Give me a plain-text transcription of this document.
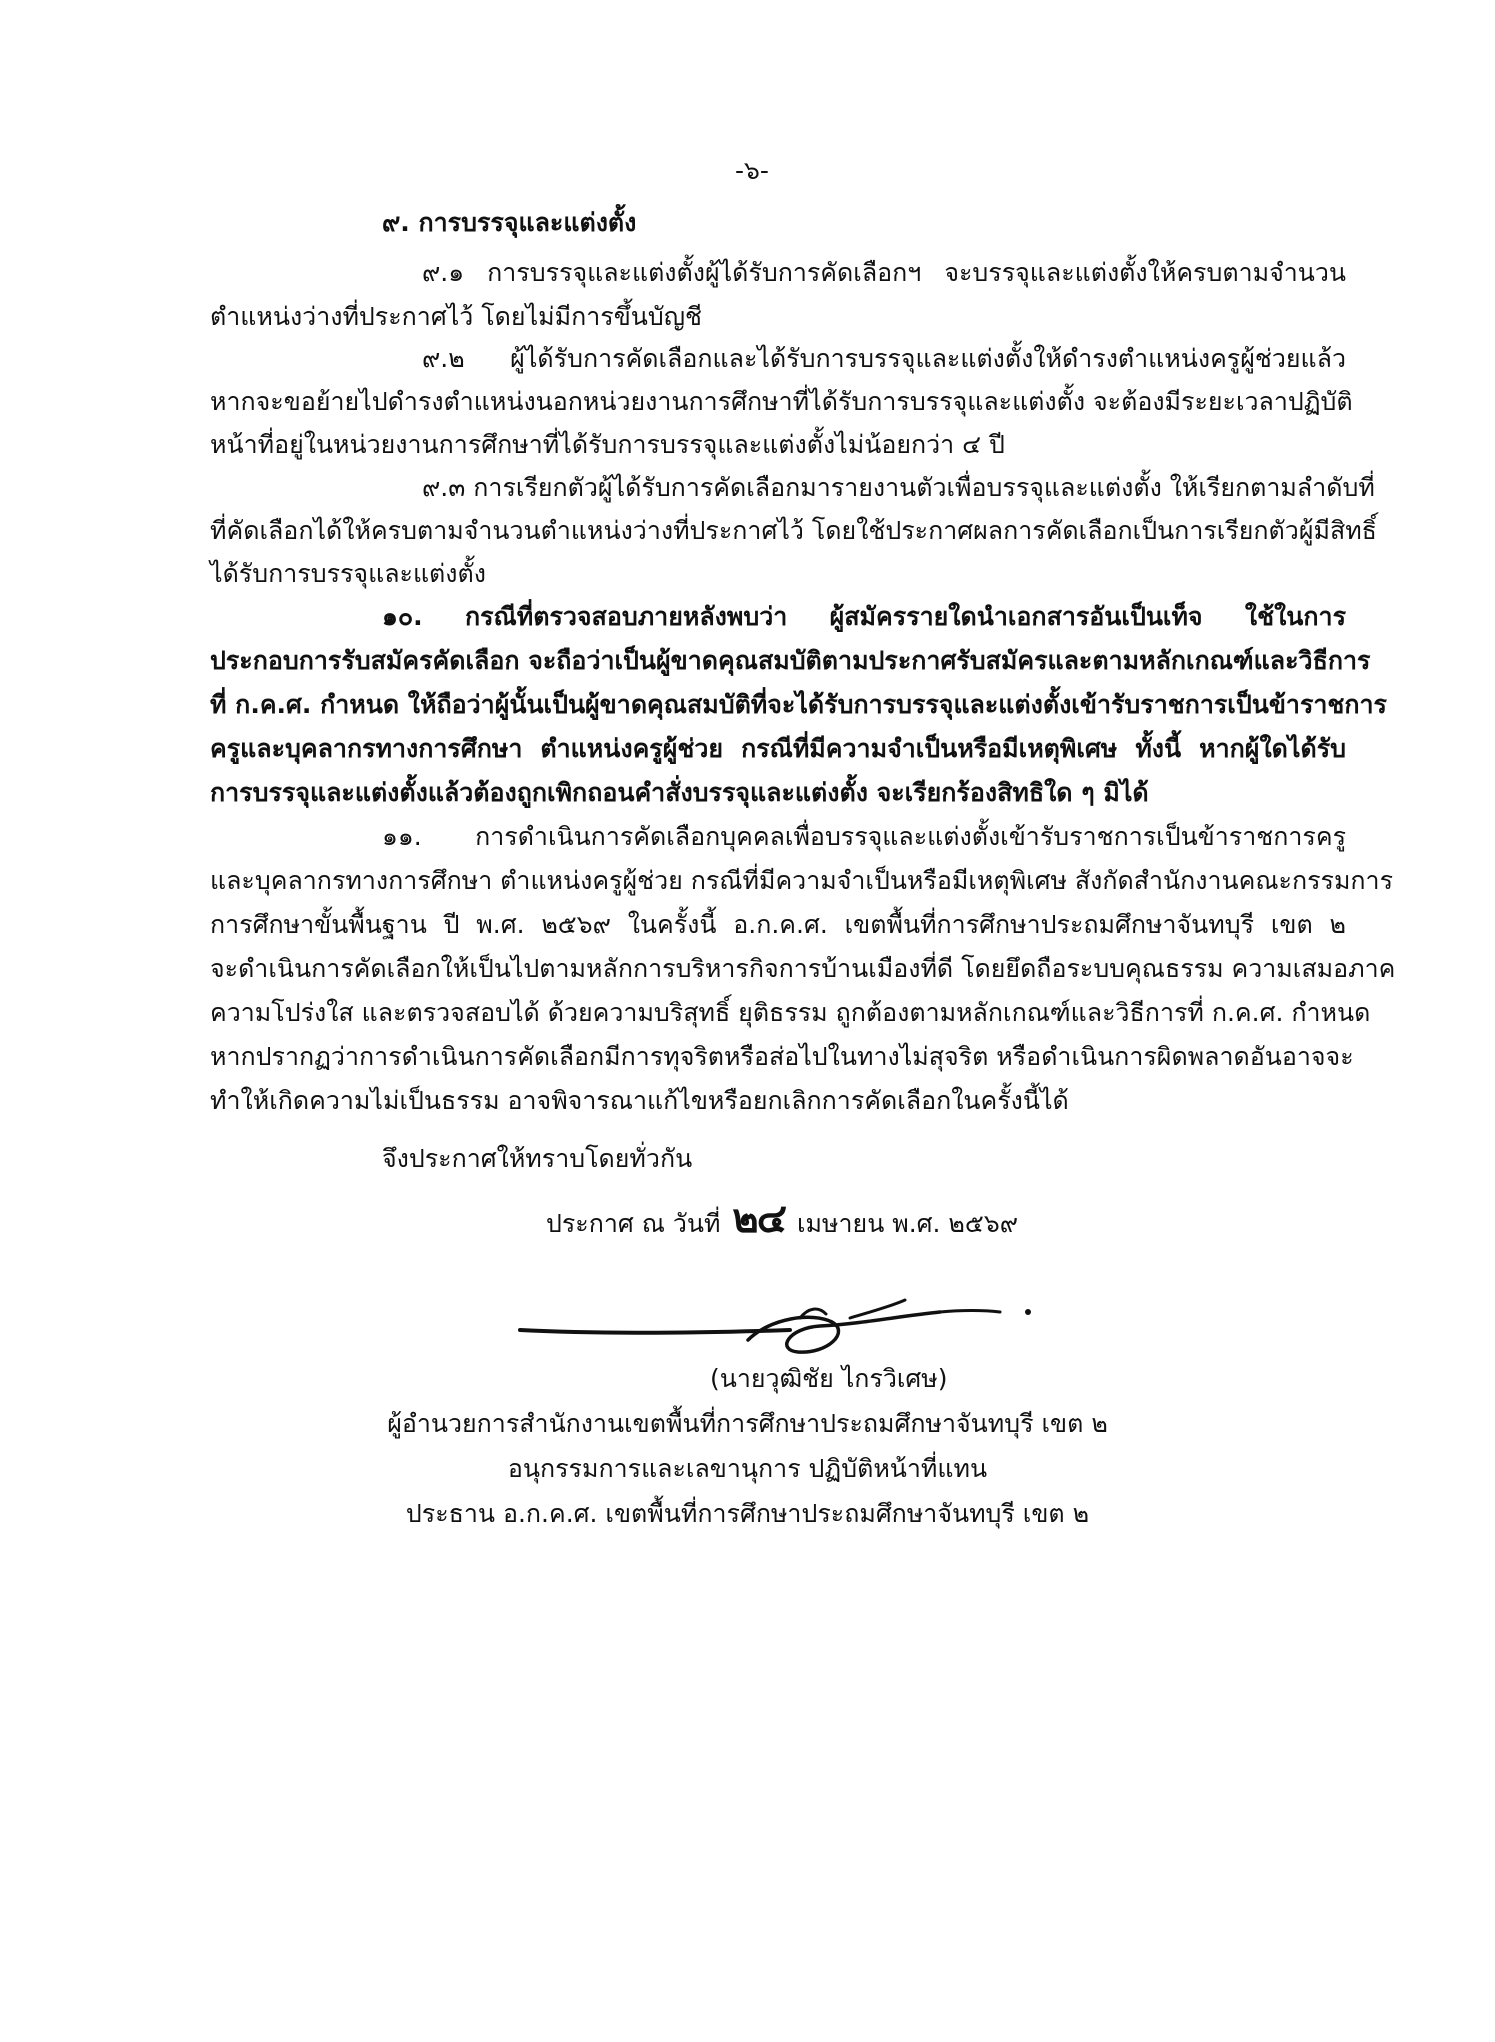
-๖-
๙. การบรรจุและแต่งตั้ง
๙.๑ การบรรจุและแต่งตั้งผู้ได้รับการคัดเลือกฯ จะบรรจุและแต่งตั้งให้ครบตามจำนวน
ตำแหน่งว่างที่ประกาศไว้ โดยไม่มีการขึ้นบัญชี
๙.๒ ผู้ได้รับการคัดเลือกและได้รับการบรรจุและแต่งตั้งให้ดำรงตำแหน่งครูผู้ช่วยแล้ว
หากจะขอย้ายไปดำรงตำแหน่งนอกหน่วยงานการศึกษาที่ได้รับการบรรจุและแต่งตั้ง จะต้องมีระยะเวลาปฏิบัติ
หน้าที่อยู่ในหน่วยงานการศึกษาที่ได้รับการบรรจุและแต่งตั้งไม่น้อยกว่า ๔ ปี
๙.๓ การเรียกตัวผู้ได้รับการคัดเลือกมารายงานตัวเพื่อบรรจุและแต่งตั้ง ให้เรียกตามลำดับที่
ที่คัดเลือกได้ให้ครบตามจำนวนตำแหน่งว่างที่ประกาศไว้ โดยใช้ประกาศผลการคัดเลือกเป็นการเรียกตัวผู้มีสิทธิ์
ได้รับการบรรจุและแต่งตั้ง
๑๐. กรณีที่ตรวจสอบภายหลังพบว่า ผู้สมัครรายใดนำเอกสารอันเป็นเท็จ ใช้ในการ
ประกอบการรับสมัครคัดเลือก จะถือว่าเป็นผู้ขาดคุณสมบัติตามประกาศรับสมัครและตามหลักเกณฑ์และวิธีการ
ที่ ก.ค.ศ. กำหนด ให้ถือว่าผู้นั้นเป็นผู้ขาดคุณสมบัติที่จะได้รับการบรรจุและแต่งตั้งเข้ารับราชการเป็นข้าราชการ
ครูและบุคลากรทางการศึกษา ตำแหน่งครูผู้ช่วย กรณีที่มีความจำเป็นหรือมีเหตุพิเศษ ทั้งนี้ หากผู้ใดได้รับ
การบรรจุและแต่งตั้งแล้วต้องถูกเพิกถอนคำสั่งบรรจุและแต่งตั้ง จะเรียกร้องสิทธิใด ๆ มิได้
๑๑. การดำเนินการคัดเลือกบุคคลเพื่อบรรจุและแต่งตั้งเข้ารับราชการเป็นข้าราชการครู
และบุคลากรทางการศึกษา ตำแหน่งครูผู้ช่วย กรณีที่มีความจำเป็นหรือมีเหตุพิเศษ สังกัดสำนักงานคณะกรรมการ
การศึกษาขั้นพื้นฐาน ปี พ.ศ. ๒๕๖๙ ในครั้งนี้ อ.ก.ค.ศ. เขตพื้นที่การศึกษาประถมศึกษาจันทบุรี เขต ๒
จะดำเนินการคัดเลือกให้เป็นไปตามหลักการบริหารกิจการบ้านเมืองที่ดี โดยยึดถือระบบคุณธรรม ความเสมอภาค
ความโปร่งใส และตรวจสอบได้ ด้วยความบริสุทธิ์ ยุติธรรม ถูกต้องตามหลักเกณฑ์และวิธีการที่ ก.ค.ศ. กำหนด
หากปรากฏว่าการดำเนินการคัดเลือกมีการทุจริตหรือส่อไปในทางไม่สุจริต หรือดำเนินการผิดพลาดอันอาจจะ
ทำให้เกิดความไม่เป็นธรรม อาจพิจารณาแก้ไขหรือยกเลิกการคัดเลือกในครั้งนี้ได้
จึงประกาศให้ทราบโดยทั่วกัน
ประกาศ ณ วันที่ ๒๔ เมษายน พ.ศ. ๒๕๖๙
(นายวุฒิชัย ไกรวิเศษ)
ผู้อำนวยการสำนักงานเขตพื้นที่การศึกษาประถมศึกษาจันทบุรี เขต ๒
อนุกรรมการและเลขานุการ ปฏิบัติหน้าที่แทน
ประธาน อ.ก.ค.ศ. เขตพื้นที่การศึกษาประถมศึกษาจันทบุรี เขต ๒
